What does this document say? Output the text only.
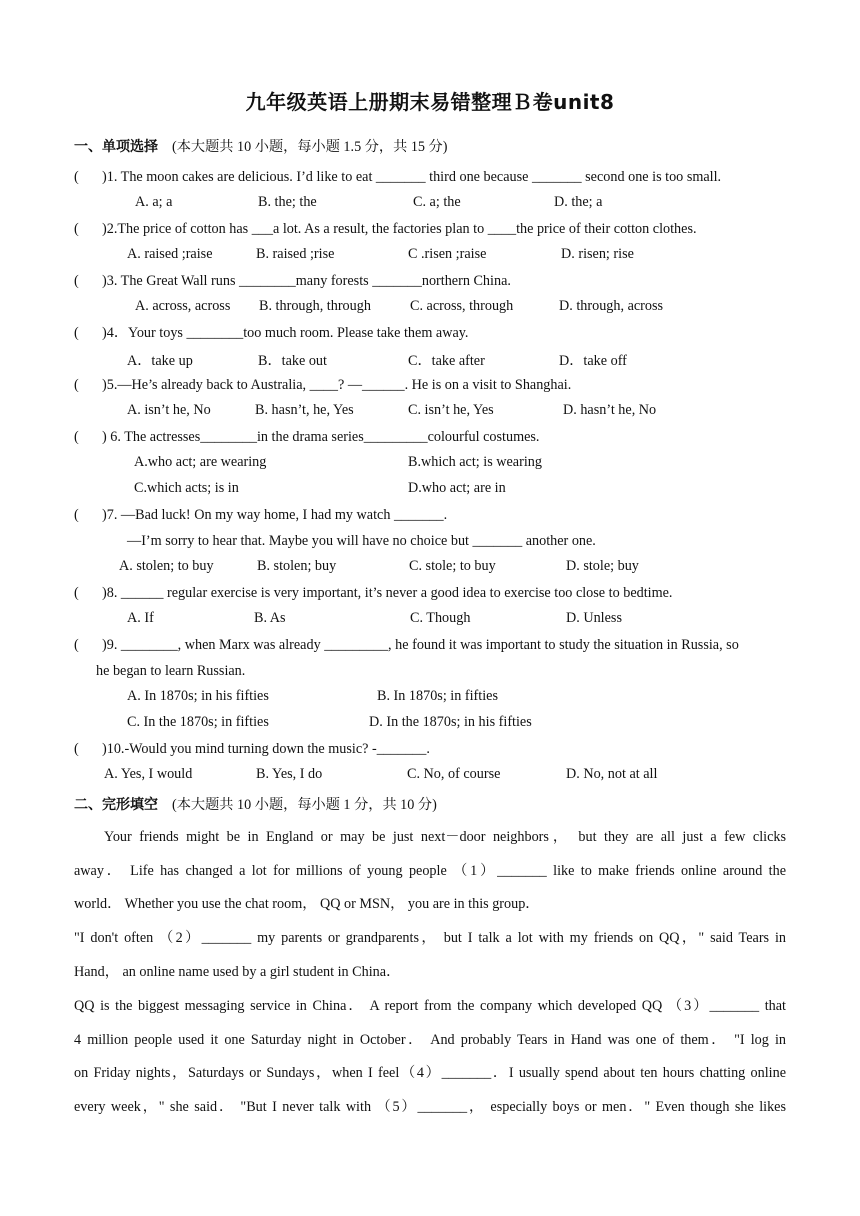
九年级英语上册期末易错整理Ｂ卷unit8
一、单项选择 (本大题共 10 小题，每小题 1.5 分，共 15 分)
( )1. The moon cakes are delicious. I’d like to eat _______ third one because _______ second one is too small.
A. a; a	B. the; the	C. a; the	D. the; a
( )2.The price of cotton has ___a lot. As a result, the factories plan to ____the price of their cotton clothes.
A. raised ;raise	B. raised ;rise	C .risen ;raise	D. risen; rise
( )3. The Great Wall runs ________many forests _______northern China.
A. across, across B. through, through	C. across, through	D. through, across
( )4．Your toys ________too much room. Please take them away.
A．take up	B．take out	C．take after	D．take off
( )5.—He’s already back to Australia, ____? —______. He is on a visit to Shanghai.
A. isn’t he, No	B. hasn’t, he, Yes	C. isn’t he, Yes	D. hasn’t he, No
( ) 6. The actresses________in the drama series_________colourful costumes.
A.who act; are wearing	B.which act; is wearing
C.which acts; is in	D.who act; are in
( )7. —Bad luck! On my way home, I had my watch _______.
—I’m sorry to hear that. Maybe you will have no choice but _______ another one.
A. stolen; to buy	B. stolen; buy	C. stole; to buy	D. stole; buy
( )8. ______ regular exercise is very important, it’s never a good idea to exercise too close to bedtime.
A. If	B. As	C. Though	D. Unless
( )9. ________, when Marx was already _________, he found it was important to study the situation in Russia, so
he began to learn Russian.
A. In 1870s; in his fifties	B. In 1870s; in fifties
C. In the 1870s; in fifties	D. In the 1870s; in his fifties
( )10.-Would you mind turning down the music? -_______.
A. Yes, I would	B. Yes, I do	C. No, of course	D. No, not at all
二、完形填空 (本大题共 10 小题，每小题 1 分，共 10 分)
Your friends might be in England or may be just next－door neighbors， but they are all just a few clicks
away． Life has changed a lot for millions of young people （1）_______ like to make friends online around the
world． Whether you use the chat room， QQ or MSN， you are in this group．
"I don't often （2）_______ my parents or grandparents， but I talk a lot with my friends on QQ，" said Tears in
Hand， an online name used by a girl student in China．
QQ is the biggest messaging service in China． A report from the company which developed QQ （3）_______ that
4 million people used it one Saturday night in October． And probably Tears in Hand was one of them． "I log in
on Friday nights，Saturdays or Sundays，when I feel（4）_______．I usually spend about ten hours chatting online
every week，" she said． "But I never talk with （5）_______， especially boys or men．" Even though she likes
